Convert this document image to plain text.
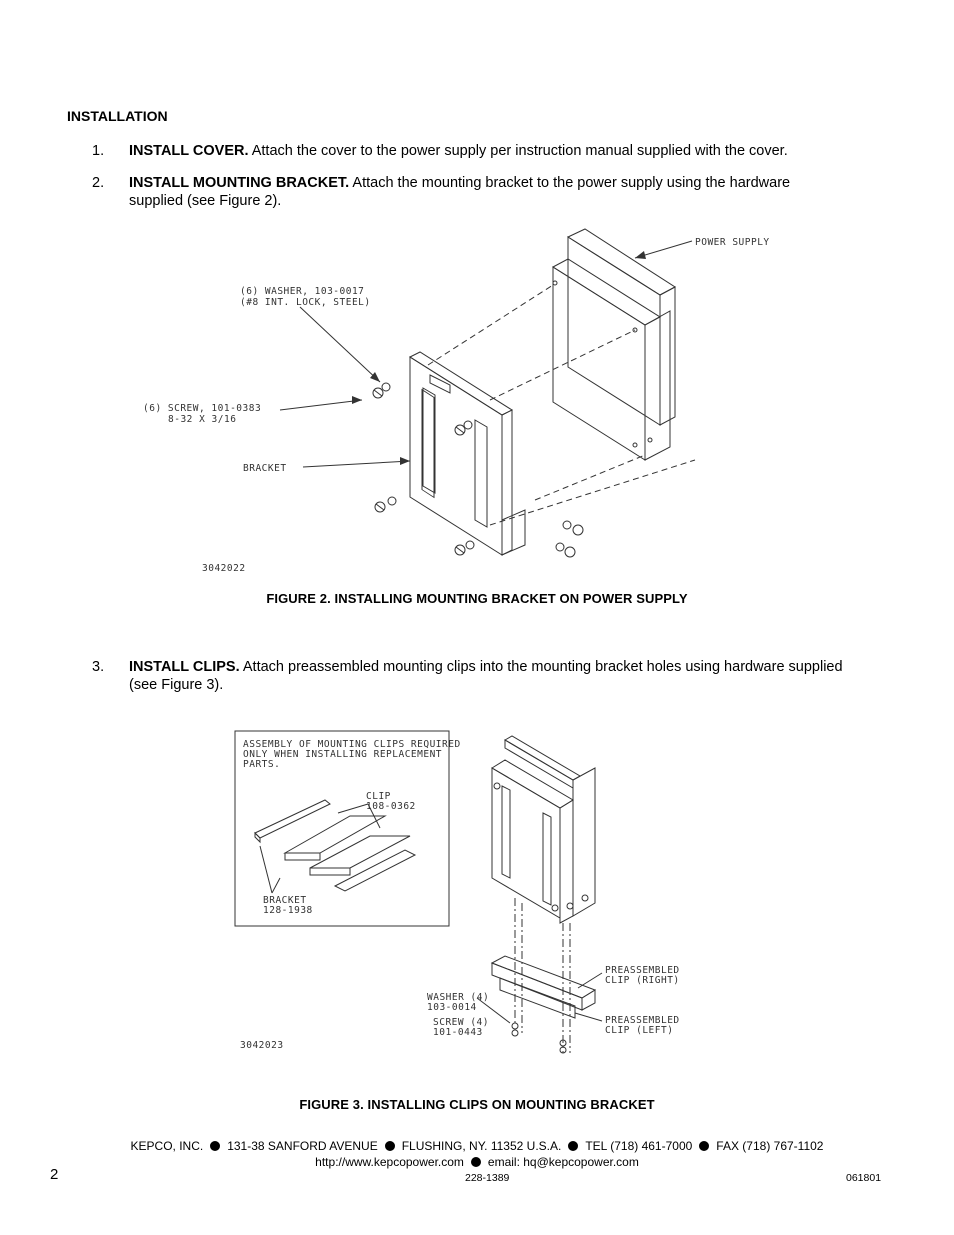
INSTALLATION
1. INSTALL COVER. Attach the cover to the power supply per instruction manual supplied with the cover.
2. INSTALL MOUNTING BRACKET. Attach the mounting bracket to the power supply using the hardware supplied (see Figure 2).
POWER SUPPLY
(6) WASHER, 103-0017
(#8 INT. LOCK, STEEL)
(6) SCREW, 101-0383
8-32 X 3/16
BRACKET
3042022
FIGURE 2. INSTALLING MOUNTING BRACKET ON POWER SUPPLY
3. INSTALL CLIPS. Attach preassembled mounting clips into the mounting bracket holes using hardware supplied (see Figure 3).
ASSEMBLY OF MOUNTING CLIPS REQUIRED
ONLY WHEN INSTALLING REPLACEMENT
PARTS.
CLIP
108-0362
BRACKET
128-1938
PREASSEMBLED
CLIP (RIGHT)
WASHER (4)
103-0014
SCREW (4)
101-0443
PREASSEMBLED
CLIP (LEFT)
3042023
FIGURE 3. INSTALLING CLIPS ON MOUNTING BRACKET
KEPCO, INC. 131-38 SANFORD AVENUE FLUSHING, NY. 11352 U.S.A. TEL (718) 461-7000 FAX (718) 767-1102
http://www.kepcopower.com email: hq@kepcopower.com
2	228-1389	061801
